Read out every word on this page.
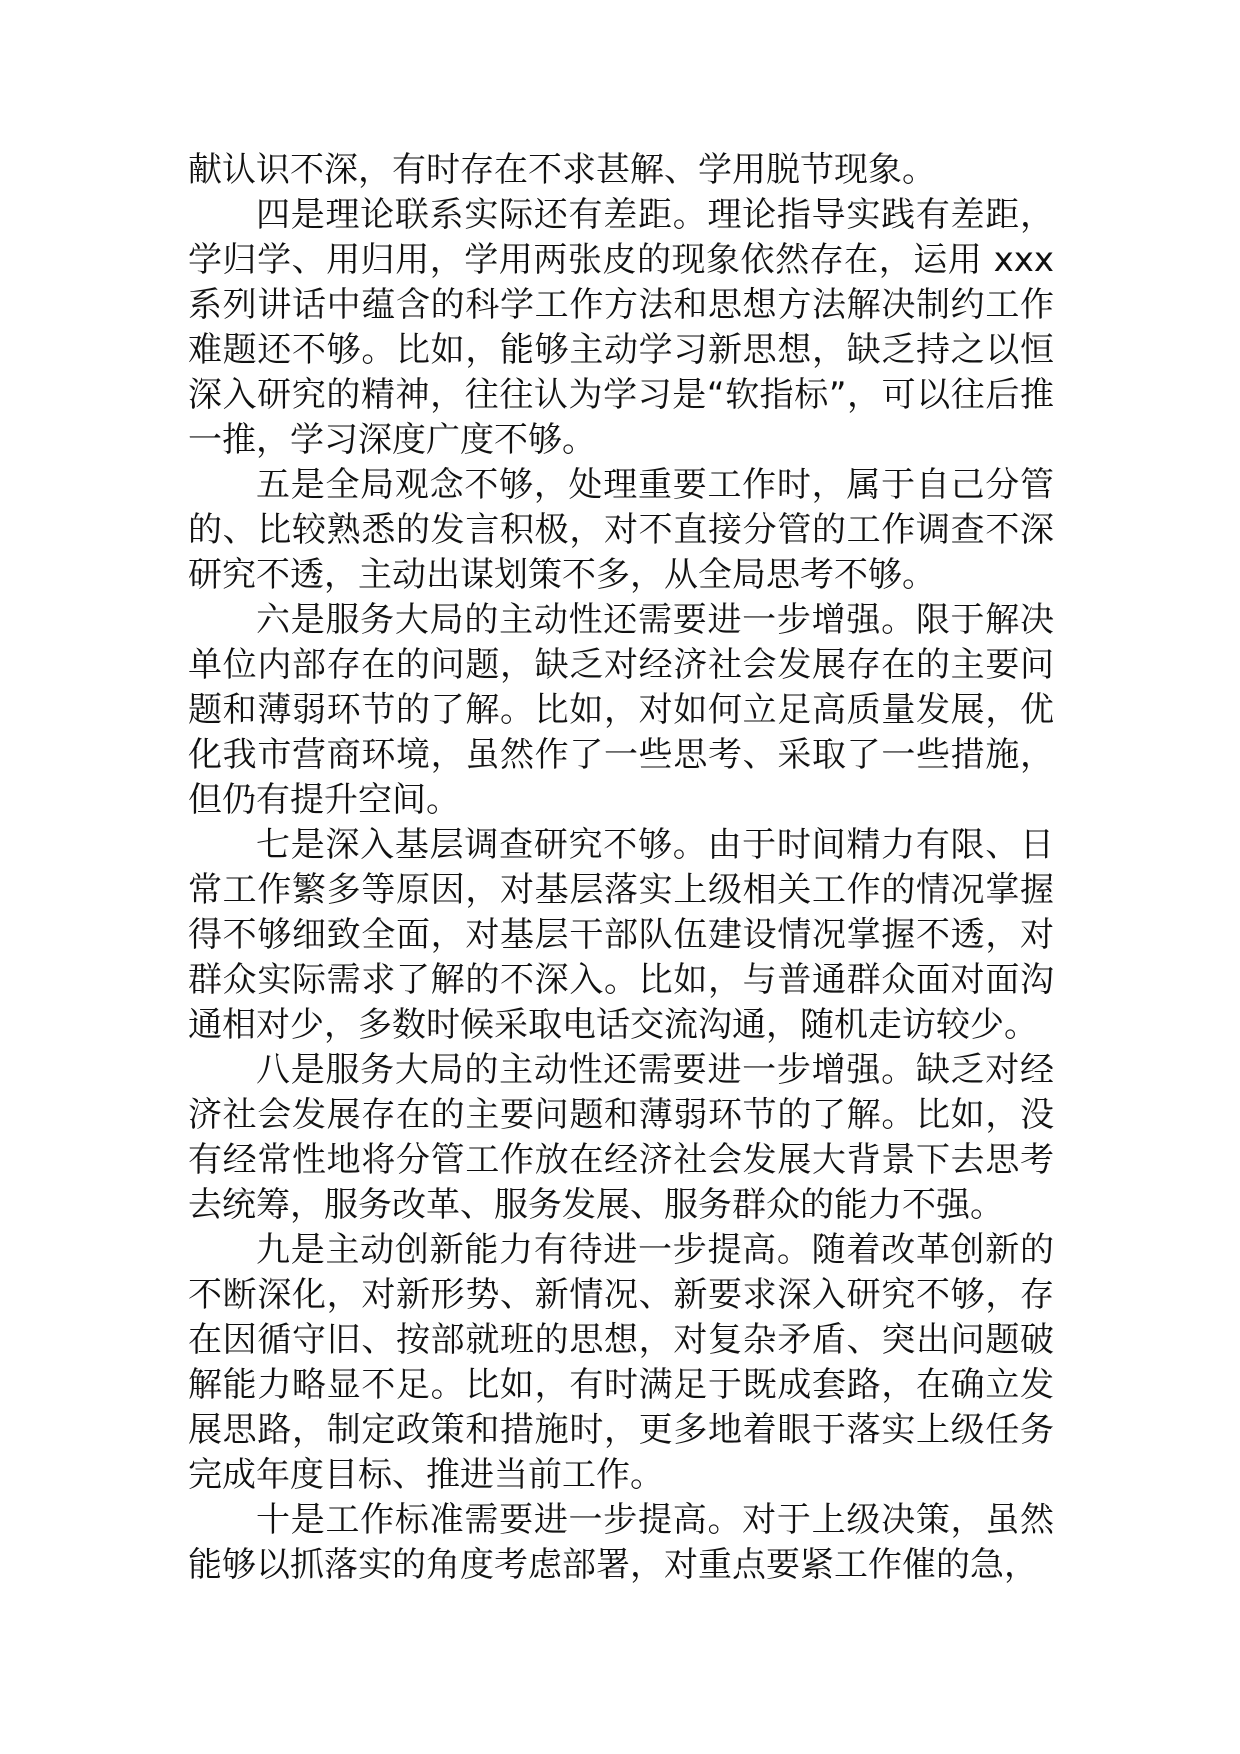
献认识不深，有时存在不求甚解、学用脱节现象。

四是理论联系实际还有差距。理论指导实践有差距，学归学、用归用，学用两张皮的现象依然存在，运用 xxx 系列讲话中蕴含的科学工作方法和思想方法解决制约工作难题还不够。比如，能够主动学习新思想，缺乏持之以恒深入研究的精神，往往认为学习是“软指标”，可以往后推一推，学习深度广度不够。

五是全局观念不够，处理重要工作时，属于自己分管的、比较熟悉的发言积极，对不直接分管的工作调查不深研究不透，主动出谋划策不多，从全局思考不够。

六是服务大局的主动性还需要进一步增强。限于解决单位内部存在的问题，缺乏对经济社会发展存在的主要问题和薄弱环节的了解。比如，对如何立足高质量发展，优化我市营商环境，虽然作了一些思考、采取了一些措施，但仍有提升空间。

七是深入基层调查研究不够。由于时间精力有限、日常工作繁多等原因，对基层落实上级相关工作的情况掌握得不够细致全面，对基层干部队伍建设情况掌握不透，对群众实际需求了解的不深入。比如，与普通群众面对面沟通相对少，多数时候采取电话交流沟通，随机走访较少。

八是服务大局的主动性还需要进一步增强。缺乏对经济社会发展存在的主要问题和薄弱环节的了解。比如，没有经常性地将分管工作放在经济社会发展大背景下去思考去统筹，服务改革、服务发展、服务群众的能力不强。

九是主动创新能力有待进一步提高。随着改革创新的不断深化，对新形势、新情况、新要求深入研究不够，存在因循守旧、按部就班的思想，对复杂矛盾、突出问题破解能力略显不足。比如，有时满足于既成套路，在确立发展思路，制定政策和措施时，更多地着眼于落实上级任务完成年度目标、推进当前工作。

十是工作标准需要进一步提高。对于上级决策，虽然能够以抓落实的角度考虑部署，对重点要紧工作催的急，
